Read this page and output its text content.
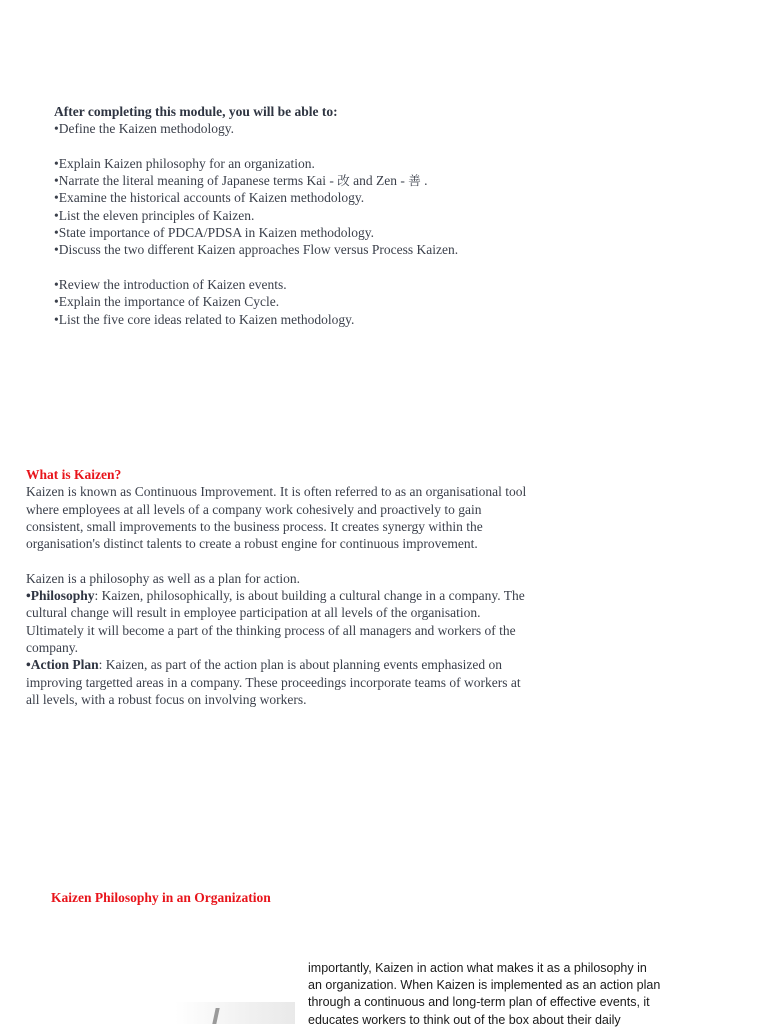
After completing this module, you will be able to:
•Define the Kaizen methodology.
•Explain Kaizen philosophy for an organization.
•Narrate the literal meaning of Japanese terms Kai - 改 and Zen - 善 .
•Examine the historical accounts of Kaizen methodology.
•List the eleven principles of Kaizen.
•State importance of PDCA/PDSA in Kaizen methodology.
•Discuss the two different Kaizen approaches Flow versus Process Kaizen.
•Review the introduction of Kaizen events.
•Explain the importance of Kaizen Cycle.
•List the five core ideas related to Kaizen methodology.
What is Kaizen?
Kaizen is known as Continuous Improvement. It is often referred to as an organisational tool
where employees at all levels of a company work cohesively and proactively to gain
consistent, small improvements to the business process. It creates synergy within the
organisation's distinct talents to create a robust engine for continuous improvement.
Kaizen is a philosophy as well as a plan for action.
•Philosophy: Kaizen, philosophically, is about building a cultural change in a company. The
cultural change will result in employee participation at all levels of the organisation.
Ultimately it will become a part of the thinking process of all managers and workers of the
company.
•Action Plan: Kaizen, as part of the action plan is about planning events emphasized on
improving targetted areas in a company. These proceedings incorporate teams of workers at
all levels, with a robust focus on involving workers.
Kaizen Philosophy in an Organization
importantly, Kaizen in action what makes it as a philosophy in
an organization. When Kaizen is implemented as an action plan
through a continuous and long-term plan of effective events, it
educates workers to think out of the box about their daily
